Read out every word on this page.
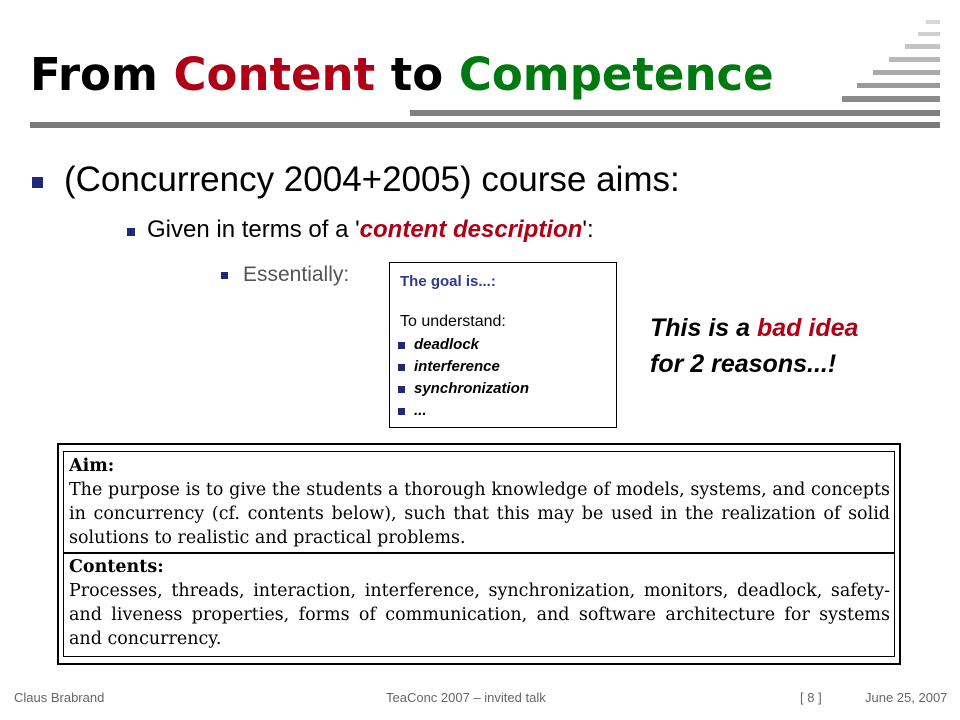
From Content to Competence
(Concurrency 2004+2005) course aims:
Given in terms of a 'content description':
Essentially:	The goal is...:
To understand:
deadlock
interference
synchronization
...
This is a bad idea
for 2 reasons...!
Aim:
The purpose is to give the students a thorough knowledge of models, systems, and concepts in concurrency (cf. contents below), such that this may be used in the realization of solid solutions to realistic and practical problems.
Contents:
Processes, threads, interaction, interference, synchronization, monitors, deadlock, safety- and liveness properties, forms of communication, and software architecture for systems and concurrency.
Claus Brabrand	TeaConc 2007 – invited talk	[ 8 ]	June 25, 2007
